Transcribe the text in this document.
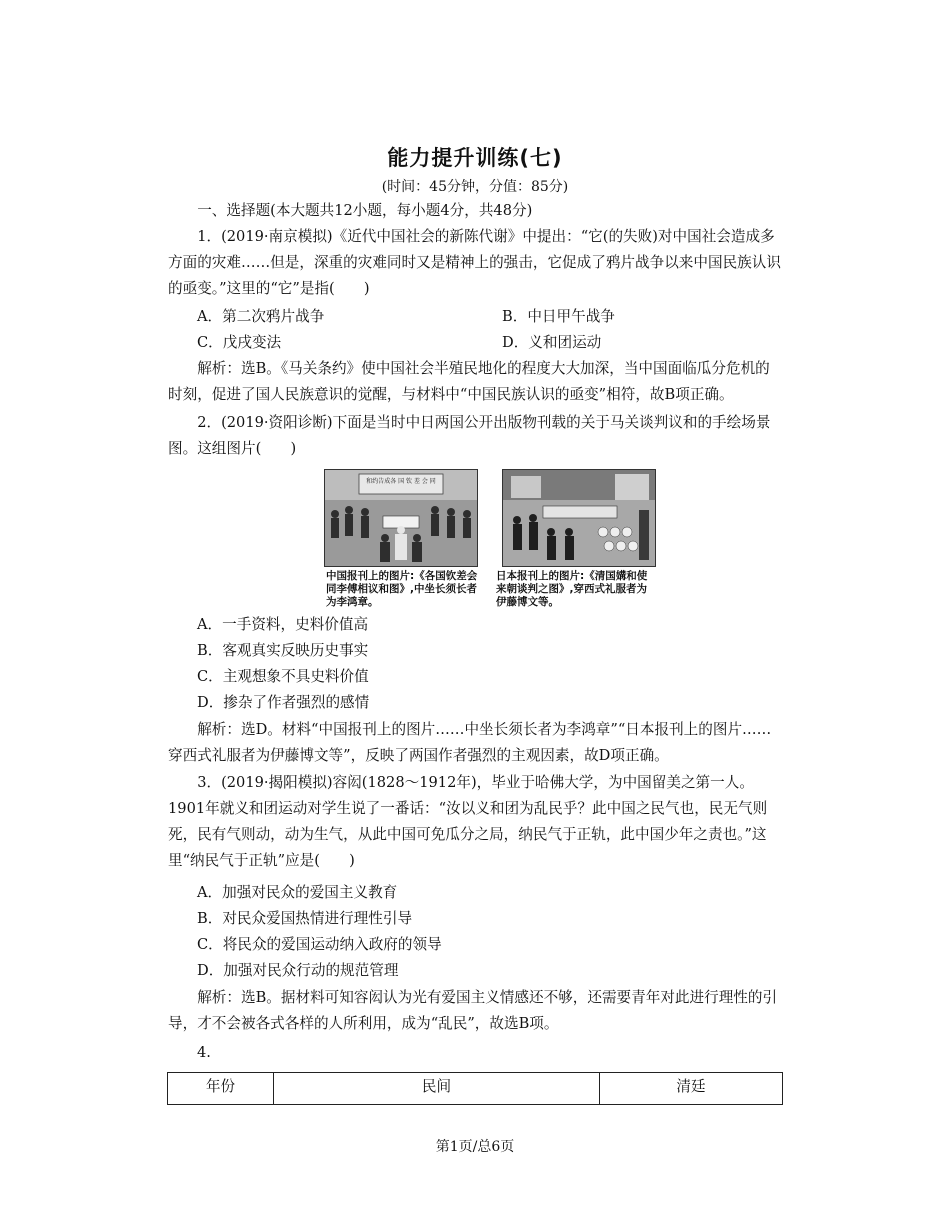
能力提升训练(七)
(时间：45分钟，分值：85分)
一、选择题(本大题共12小题，每小题4分，共48分)
1．(2019·南京模拟)《近代中国社会的新陈代谢》中提出：“它(的失败)对中国社会造成多方面的灾难……但是，深重的灾难同时又是精神上的强击，它促成了鸦片战争以来中国民族认识的亟变。”这里的“它”是指(　　)
A．第二次鸦片战争	B．中日甲午战争
C．戊戌变法	D．义和团运动
解析：选B。《马关条约》使中国社会半殖民地化的程度大大加深，当中国面临瓜分危机的时刻，促进了国人民族意识的觉醒，与材料中“中国民族认识的亟变”相符，故B项正确。
2．(2019·资阳诊断)下面是当时中日两国公开出版物刊载的关于马关谈判议和的手绘场景图。这组图片(　　)
和约告成各 国 钦 差 会 同
中国报刊上的图片:《各国钦差会同李傅相议和图》,中坐长须长者为李鸿章。
日本报刊上的图片:《清国媾和使来朝谈判之图》,穿西式礼服者为伊藤博文等。
A．一手资料，史料价值高
B．客观真实反映历史事实
C．主观想象不具史料价值
D．掺杂了作者强烈的感情
解析：选D。材料“中国报刊上的图片……中坐长须长者为李鸿章”“日本报刊上的图片……穿西式礼服者为伊藤博文等”，反映了两国作者强烈的主观因素，故D项正确。
3．(2019·揭阳模拟)容闳(1828～1912年)，毕业于哈佛大学，为中国留美之第一人。1901年就义和团运动对学生说了一番话：“汝以义和团为乱民乎？此中国之民气也，民无气则死，民有气则动，动为生气，从此中国可免瓜分之局，纳民气于正轨，此中国少年之责也。”这里“纳民气于正轨”应是(　　)
A．加强对民众的爱国主义教育
B．对民众爱国热情进行理性引导
C．将民众的爱国运动纳入政府的领导
D．加强对民众行动的规范管理
解析：选B。据材料可知容闳认为光有爱国主义情感还不够，还需要青年对此进行理性的引导，才不会被各式各样的人所利用，成为“乱民”，故选B项。
4.
年份	民间	清廷
第1页/总6页
